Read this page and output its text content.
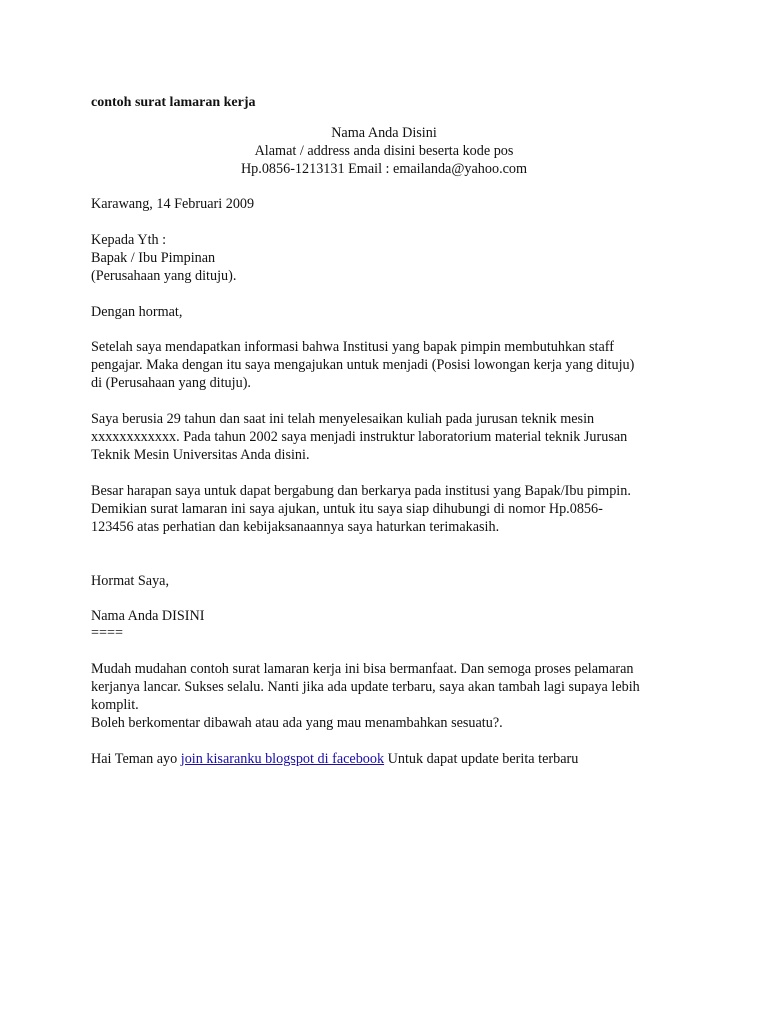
contoh surat lamaran kerja
Nama Anda Disini
Alamat / address anda disini beserta kode pos
Hp.0856-1213131 Email : emailanda@yahoo.com
Karawang, 14 Februari 2009
Kepada Yth :
Bapak / Ibu Pimpinan
(Perusahaan yang dituju).
Dengan hormat,
Setelah saya mendapatkan informasi bahwa Institusi yang bapak pimpin membutuhkan staff
pengajar. Maka dengan itu saya mengajukan untuk menjadi (Posisi lowongan kerja yang dituju)
di (Perusahaan yang dituju).
Saya berusia 29 tahun dan saat ini telah menyelesaikan kuliah pada jurusan teknik mesin
xxxxxxxxxxxx. Pada tahun 2002 saya menjadi instruktur laboratorium material teknik Jurusan
Teknik Mesin Universitas Anda disini.
Besar harapan saya untuk dapat bergabung dan berkarya pada institusi yang Bapak/Ibu pimpin.
Demikian surat lamaran ini saya ajukan, untuk itu saya siap dihubungi di nomor Hp.0856-
123456 atas perhatian dan kebijaksanaannya saya haturkan terimakasih.
Hormat Saya,
Nama Anda DISINI
====
Mudah mudahan contoh surat lamaran kerja ini bisa bermanfaat. Dan semoga proses pelamaran
kerjanya lancar. Sukses selalu. Nanti jika ada update terbaru, saya akan tambah lagi supaya lebih
komplit.
Boleh berkomentar dibawah atau ada yang mau menambahkan sesuatu?.
Hai Teman ayo join kisaranku blogspot di facebook Untuk dapat update berita terbaru
